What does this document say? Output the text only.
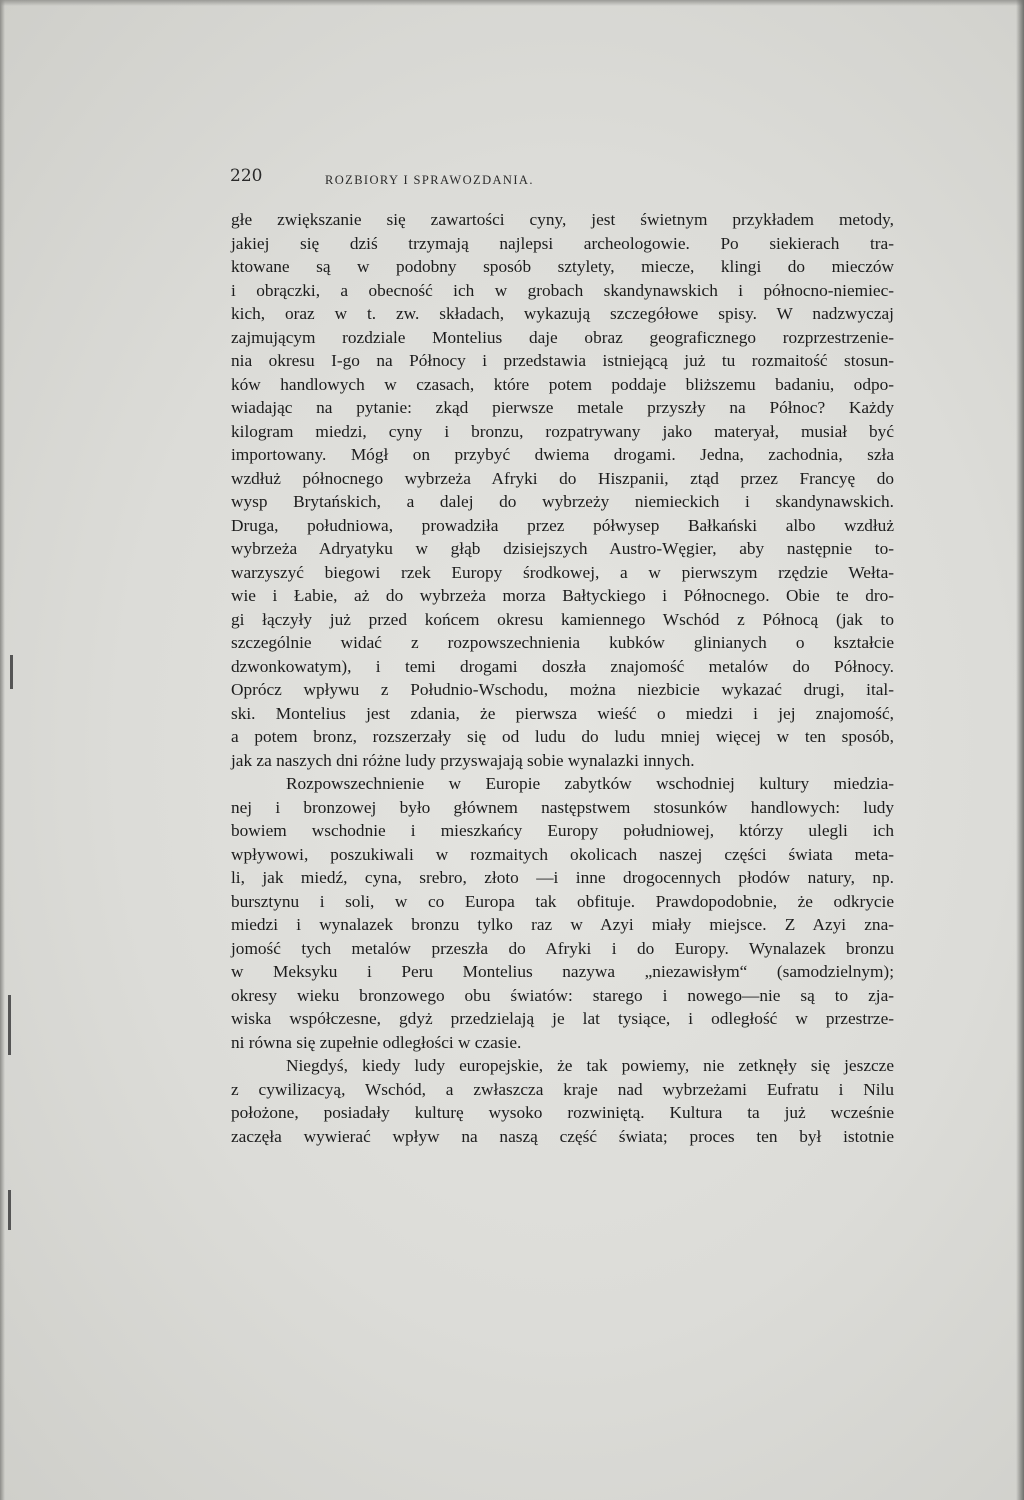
220	ROZBIORY I SPRAWOZDANIA.
głe zwiększanie się zawartości cyny, jest świetnym przykładem metody,
jakiej się dziś trzymają najlepsi archeologowie. Po siekierach tra-
ktowane są w podobny sposób sztylety, miecze, klingi do mieczów
i obrączki, a obecność ich w grobach skandynawskich i północno-niemiec-
kich, oraz w t. zw. składach, wykazują szczegółowe spisy. W nadzwyczaj
zajmującym rozdziale Montelius daje obraz geograficznego rozprzestrzenie-
nia okresu I-go na Północy i przedstawia istniejącą już tu rozmaitość stosun-
ków handlowych w czasach, które potem poddaje bliższemu badaniu, odpo-
wiadając na pytanie: zkąd pierwsze metale przyszły na Północ? Każdy
kilogram miedzi, cyny i bronzu, rozpatrywany jako materyał, musiał być
importowany. Mógł on przybyć dwiema drogami. Jedna, zachodnia, szła
wzdłuż północnego wybrzeża Afryki do Hiszpanii, ztąd przez Francyę do
wysp Brytańskich, a dalej do wybrzeży niemieckich i skandynawskich.
Druga, południowa, prowadziła przez półwysep Bałkański albo wzdłuż
wybrzeża Adryatyku w głąb dzisiejszych Austro-Węgier, aby następnie to-
warzyszyć biegowi rzek Europy środkowej, a w pierwszym rzędzie Wełta-
wie i Łabie, aż do wybrzeża morza Bałtyckiego i Północnego. Obie te dro-
gi łączyły już przed końcem okresu kamiennego Wschód z Północą (jak to
szczególnie widać z rozpowszechnienia kubków glinianych o kształcie
dzwonkowatym), i temi drogami doszła znajomość metalów do Północy.
Oprócz wpływu z Południo-Wschodu, można niezbicie wykazać drugi, ital-
ski. Montelius jest zdania, że pierwsza wieść o miedzi i jej znajomość,
a potem bronz, rozszerzały się od ludu do ludu mniej więcej w ten sposób,
jak za naszych dni różne ludy przyswajają sobie wynalazki innych.
Rozpowszechnienie w Europie zabytków wschodniej kultury miedzia-
nej i bronzowej było głównem następstwem stosunków handlowych: ludy
bowiem wschodnie i mieszkańcy Europy południowej, którzy ulegli ich
wpływowi, poszukiwali w rozmaitych okolicach naszej części świata meta-
li, jak miedź, cyna, srebro, złoto —i inne drogocennych płodów natury, np.
bursztynu i soli, w co Europa tak obfituje. Prawdopodobnie, że odkrycie
miedzi i wynalazek bronzu tylko raz w Azyi miały miejsce. Z Azyi zna-
jomość tych metalów przeszła do Afryki i do Europy. Wynalazek bronzu
w Meksyku i Peru Montelius nazywa „niezawisłym“ (samodzielnym);
okresy wieku bronzowego obu światów: starego i nowego—nie są to zja-
wiska współczesne, gdyż przedzielają je lat tysiące, i odległość w przestrze-
ni równa się zupełnie odległości w czasie.
Niegdyś, kiedy ludy europejskie, że tak powiemy, nie zetknęły się jeszcze
z cywilizacyą, Wschód, a zwłaszcza kraje nad wybrzeżami Eufratu i Nilu
położone, posiadały kulturę wysoko rozwiniętą. Kultura ta już wcześnie
zaczęła wywierać wpływ na naszą część świata; proces ten był istotnie
